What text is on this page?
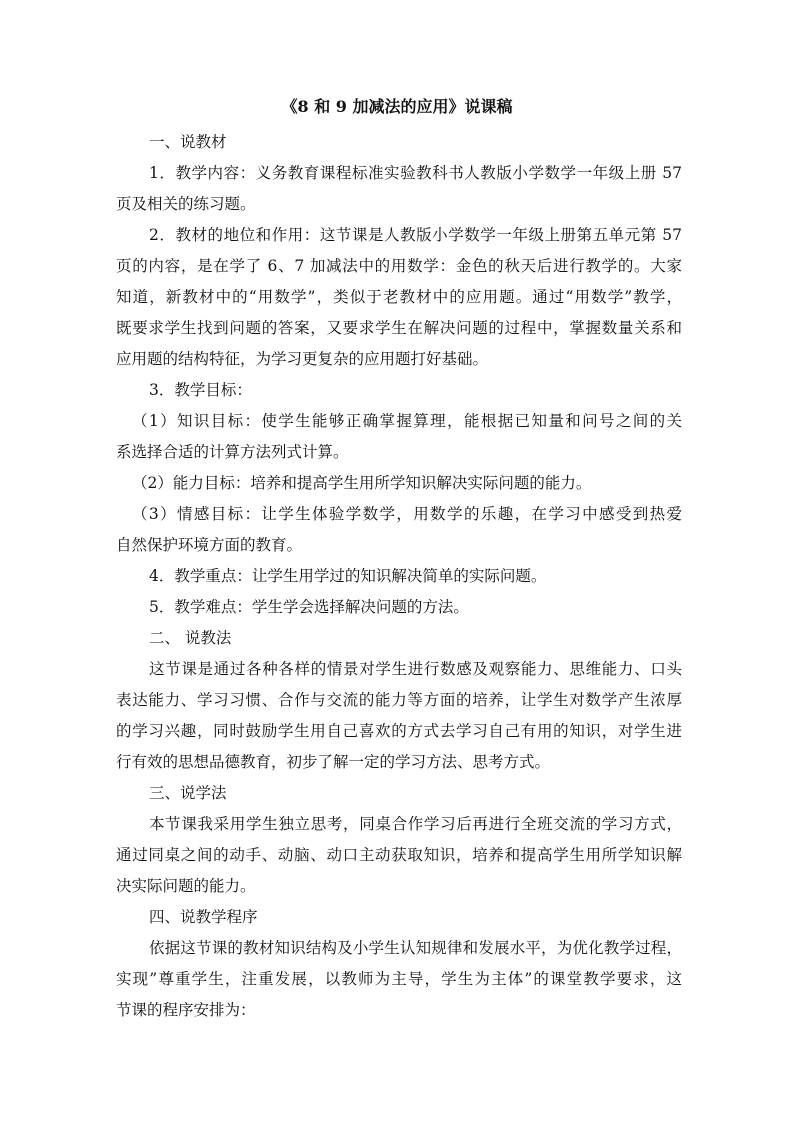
《8 和 9 加减法的应用》说课稿
一、说教材
1．教学内容：义务教育课程标准实验教科书人教版小学数学一年级上册 57
页及相关的练习题。
2．教材的地位和作用：这节课是人教版小学数学一年级上册第五单元第 57
页的内容，是在学了 6、7 加减法中的用数学：金色的秋天后进行教学的。大家
知道，新教材中的“用数学”，类似于老教材中的应用题。通过“用数学”教学，
既要求学生找到问题的答案，又要求学生在解决问题的过程中，掌握数量关系和
应用题的结构特征，为学习更复杂的应用题打好基础。
3．教学目标：
（1）知识目标：使学生能够正确掌握算理，能根据已知量和问号之间的关
系选择合适的计算方法列式计算。
（2）能力目标：培养和提高学生用所学知识解决实际问题的能力。
（3）情感目标：让学生体验学数学，用数学的乐趣，在学习中感受到热爱
自然保护环境方面的教育。
4．教学重点：让学生用学过的知识解决简单的实际问题。
5．教学难点：学生学会选择解决问题的方法。
二、 说教法
这节课是通过各种各样的情景对学生进行数感及观察能力、思维能力、口头
表达能力、学习习惯、合作与交流的能力等方面的培养，让学生对数学产生浓厚
的学习兴趣，同时鼓励学生用自己喜欢的方式去学习自己有用的知识，对学生进
行有效的思想品德教育，初步了解一定的学习方法、思考方式。
三、说学法
本节课我采用学生独立思考，同桌合作学习后再进行全班交流的学习方式，
通过同桌之间的动手、动脑、动口主动获取知识，培养和提高学生用所学知识解
决实际问题的能力。
四、说教学程序
依据这节课的教材知识结构及小学生认知规律和发展水平，为优化教学过程，
实现”尊重学生，注重发展，以教师为主导，学生为主体”的课堂教学要求，这
节课的程序安排为：
